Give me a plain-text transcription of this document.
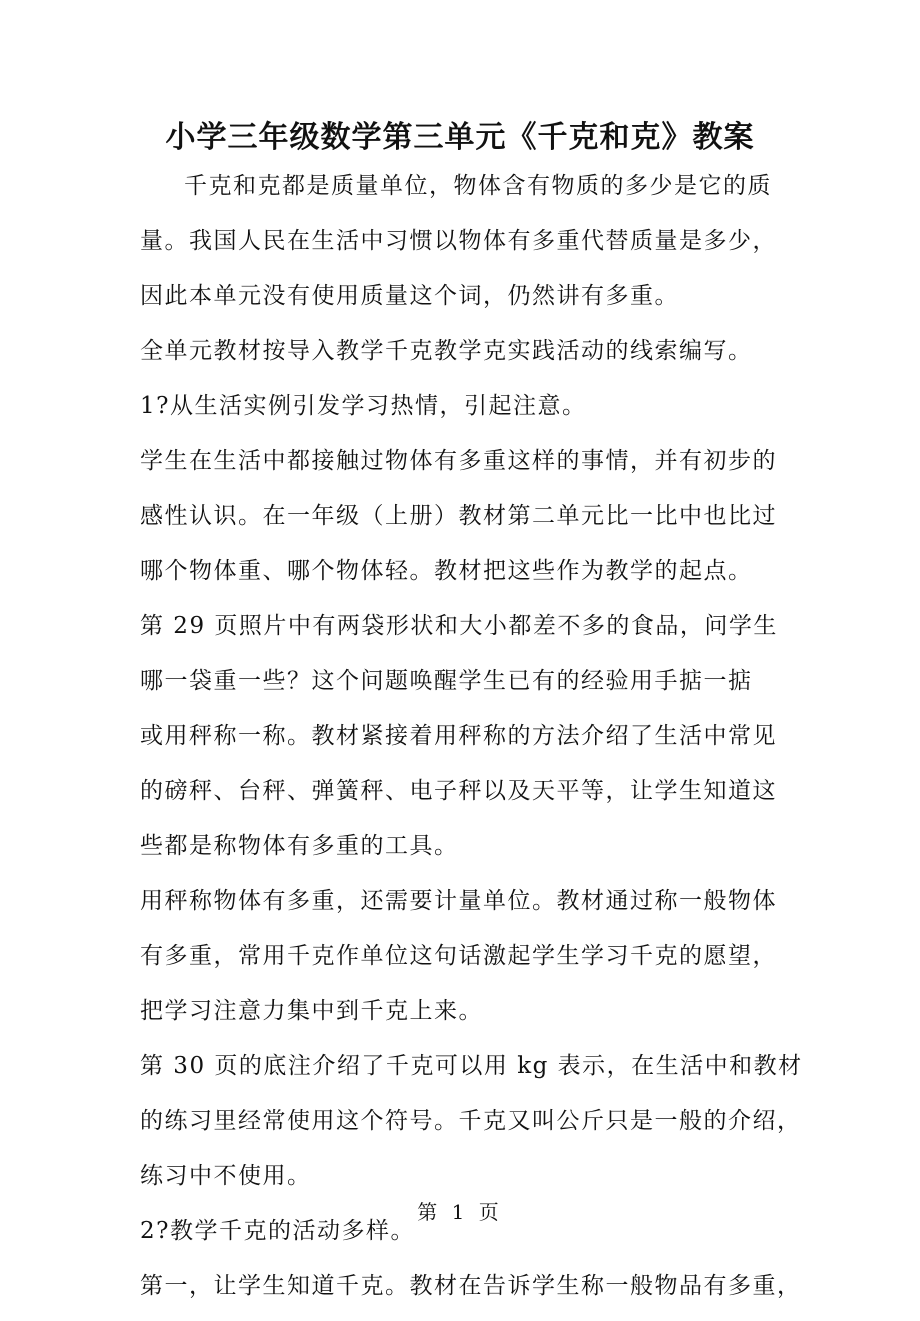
小学三年级数学第三单元《千克和克》教案
千克和克都是质量单位，物体含有物质的多少是它的质
量。我国人民在生活中习惯以物体有多重代替质量是多少，
因此本单元没有使用质量这个词，仍然讲有多重。
全单元教材按导入教学千克教学克实践活动的线索编写。
1?从生活实例引发学习热情，引起注意。
学生在生活中都接触过物体有多重这样的事情，并有初步的
感性认识。在一年级（上册）教材第二单元比一比中也比过
哪个物体重、哪个物体轻。教材把这些作为教学的起点。
第 29 页照片中有两袋形状和大小都差不多的食品，问学生
哪一袋重一些？这个问题唤醒学生已有的经验用手掂一掂
或用秤称一称。教材紧接着用秤称的方法介绍了生活中常见
的磅秤、台秤、弹簧秤、电子秤以及天平等，让学生知道这
些都是称物体有多重的工具。
用秤称物体有多重，还需要计量单位。教材通过称一般物体
有多重，常用千克作单位这句话激起学生学习千克的愿望，
把学习注意力集中到千克上来。
第 30 页的底注介绍了千克可以用 kg 表示，在生活中和教材
的练习里经常使用这个符号。千克又叫公斤只是一般的介绍，
练习中不使用。
2?教学千克的活动多样。
第一，让学生知道千克。教材在告诉学生称一般物品有多重，
第 1 页
